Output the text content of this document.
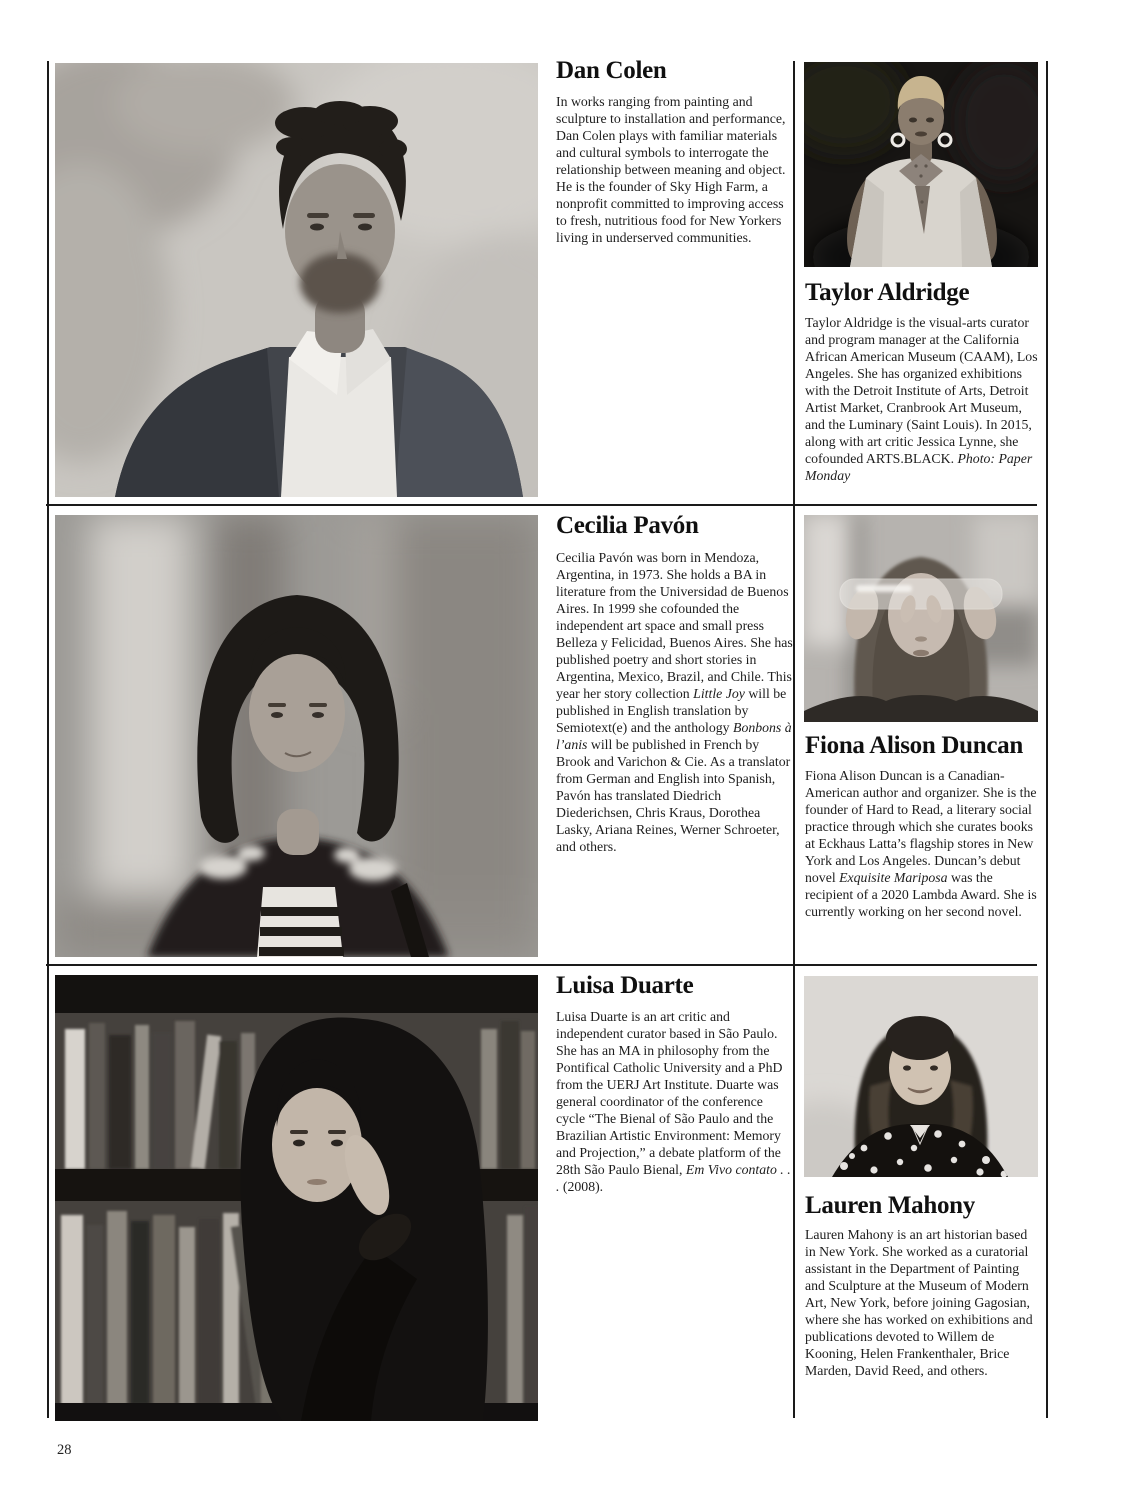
Dan Colen

In works ranging from painting and sculpture to installation and performance, Dan Colen plays with familiar materials and cultural symbols to interrogate the relationship between meaning and object. He is the founder of Sky High Farm, a nonprofit committed to improving access to fresh, nutritious food for New Yorkers living in underserved communities.

Taylor Aldridge

Taylor Aldridge is the visual-arts curator and program manager at the California African American Museum (CAAM), Los Angeles. She has organized exhibitions with the Detroit Institute of Arts, Detroit Artist Market, Cranbrook Art Museum, and the Luminary (Saint Louis). In 2015, along with art critic Jessica Lynne, she cofounded ARTS.BLACK. Photo: Paper Monday

Cecilia Pavón

Cecilia Pavón was born in Mendoza, Argentina, in 1973. She holds a BA in literature from the Universidad de Buenos Aires. In 1999 she cofounded the independent art space and small press Belleza y Felicidad, Buenos Aires. She has published poetry and short stories in Argentina, Mexico, Brazil, and Chile. This year her story collection Little Joy will be published in English translation by Semiotext(e) and the anthology Bonbons à l’anis will be published in French by Brook and Varichon & Cie. As a translator from German and English into Spanish, Pavón has translated Diedrich Diederichsen, Chris Kraus, Dorothea Lasky, Ariana Reines, Werner Schroeter, and others.

Fiona Alison Duncan

Fiona Alison Duncan is a Canadian-American author and organizer. She is the founder of Hard to Read, a literary social practice through which she curates books at Eckhaus Latta’s flagship stores in New York and Los Angeles. Duncan’s debut novel Exquisite Mariposa was the recipient of a 2020 Lambda Award. She is currently working on her second novel.

Luisa Duarte

Luisa Duarte is an art critic and independent curator based in São Paulo. She has an MA in philosophy from the Pontifical Catholic University and a PhD from the UERJ Art Institute. Duarte was general coordinator of the conference cycle “The Bienal of São Paulo and the Brazilian Artistic Environment: Memory and Projection,” a debate platform of the 28th São Paulo Bienal, Em Vivo contato . . . (2008).

Lauren Mahony

Lauren Mahony is an art historian based in New York. She worked as a curatorial assistant in the Department of Painting and Sculpture at the Museum of Modern Art, New York, before joining Gagosian, where she has worked on exhibitions and publications devoted to Willem de Kooning, Helen Frankenthaler, Brice Marden, David Reed, and others.

28
